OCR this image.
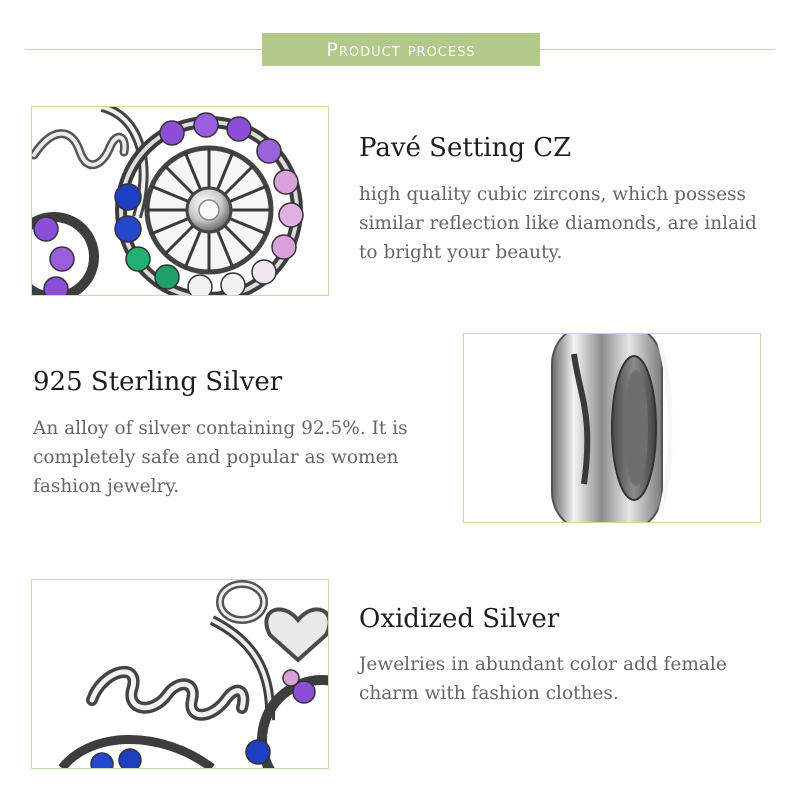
Product process
Pavé Setting CZ

high quality cubic zircons, which possess similar reflection like diamonds, are inlaid to bright your beauty.

925 Sterling Silver

An alloy of silver containing 92.5%. It is completely safe and popular as women fashion jewelry.

Oxidized Silver

Jewelries in abundant color add female charm with fashion clothes.
